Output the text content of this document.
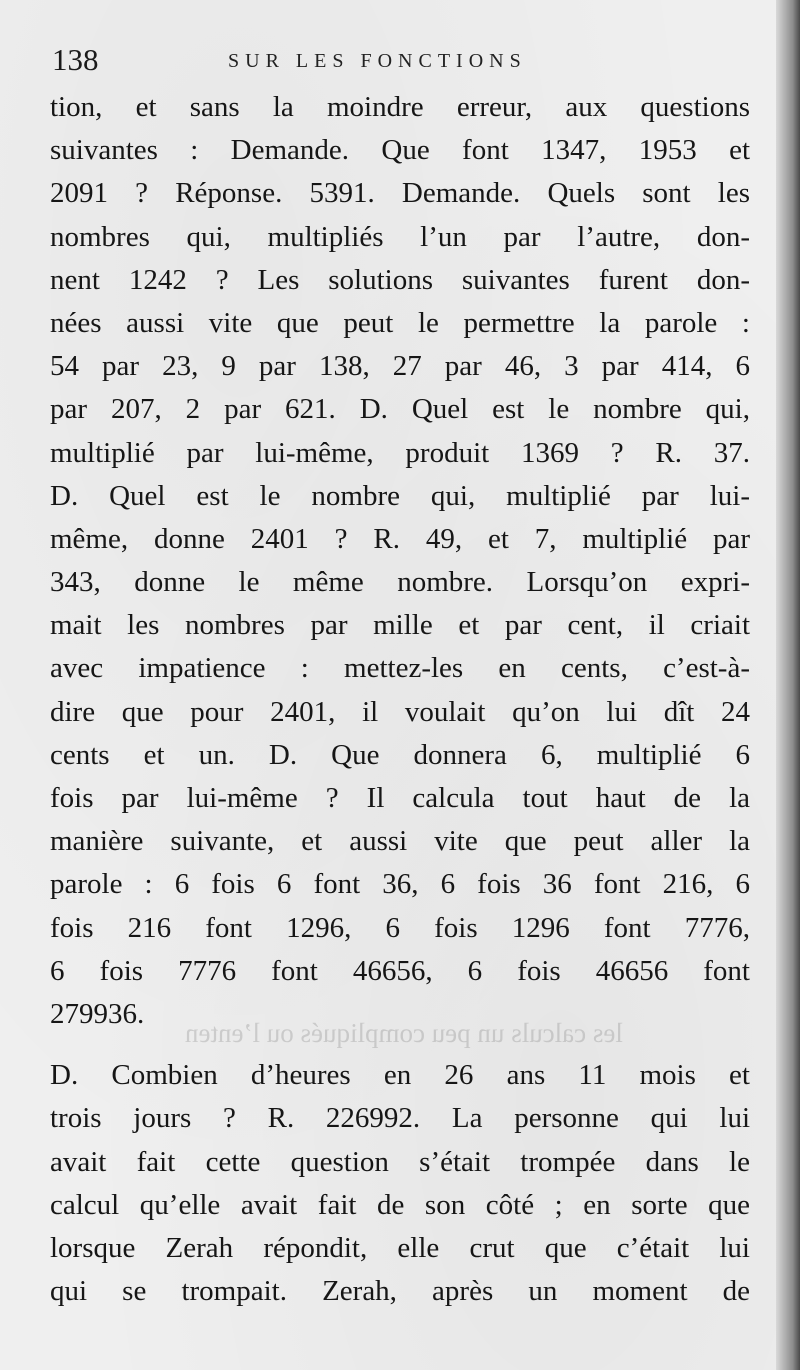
138	SUR LES FONCTIONS
les calculs un peu compliqués ou l’enten
tion, et sans la moindre erreur, aux questions
suivantes : Demande. Que font 1347, 1953 et
2091 ? Réponse. 5391. Demande. Quels sont les
nombres qui, multipliés l’un par l’autre, don-
nent 1242 ? Les solutions suivantes furent don-
nées aussi vite que peut le permettre la parole :
54 par 23, 9 par 138, 27 par 46, 3 par 414, 6
par 207, 2 par 621. D. Quel est le nombre qui,
multiplié par lui-même, produit 1369 ? R. 37.
D. Quel est le nombre qui, multiplié par lui-
même, donne 2401 ? R. 49, et 7, multiplié par
343, donne le même nombre. Lorsqu’on expri-
mait les nombres par mille et par cent, il criait
avec impatience : mettez-les en cents, c’est-à-
dire que pour 2401, il voulait qu’on lui dît 24
cents et un. D. Que donnera 6, multiplié 6
fois par lui-même ? Il calcula tout haut de la
manière suivante, et aussi vite que peut aller la
parole : 6 fois 6 font 36, 6 fois 36 font 216, 6
fois 216 font 1296, 6 fois 1296 font 7776,
6 fois 7776 font 46656, 6 fois 46656 font
279936.
D. Combien d’heures en 26 ans 11 mois et
trois jours ? R. 226992. La personne qui lui
avait fait cette question s’était trompée dans le
calcul qu’elle avait fait de son côté ; en sorte que
lorsque Zerah répondit, elle crut que c’était lui
qui se trompait. Zerah, après un moment de
